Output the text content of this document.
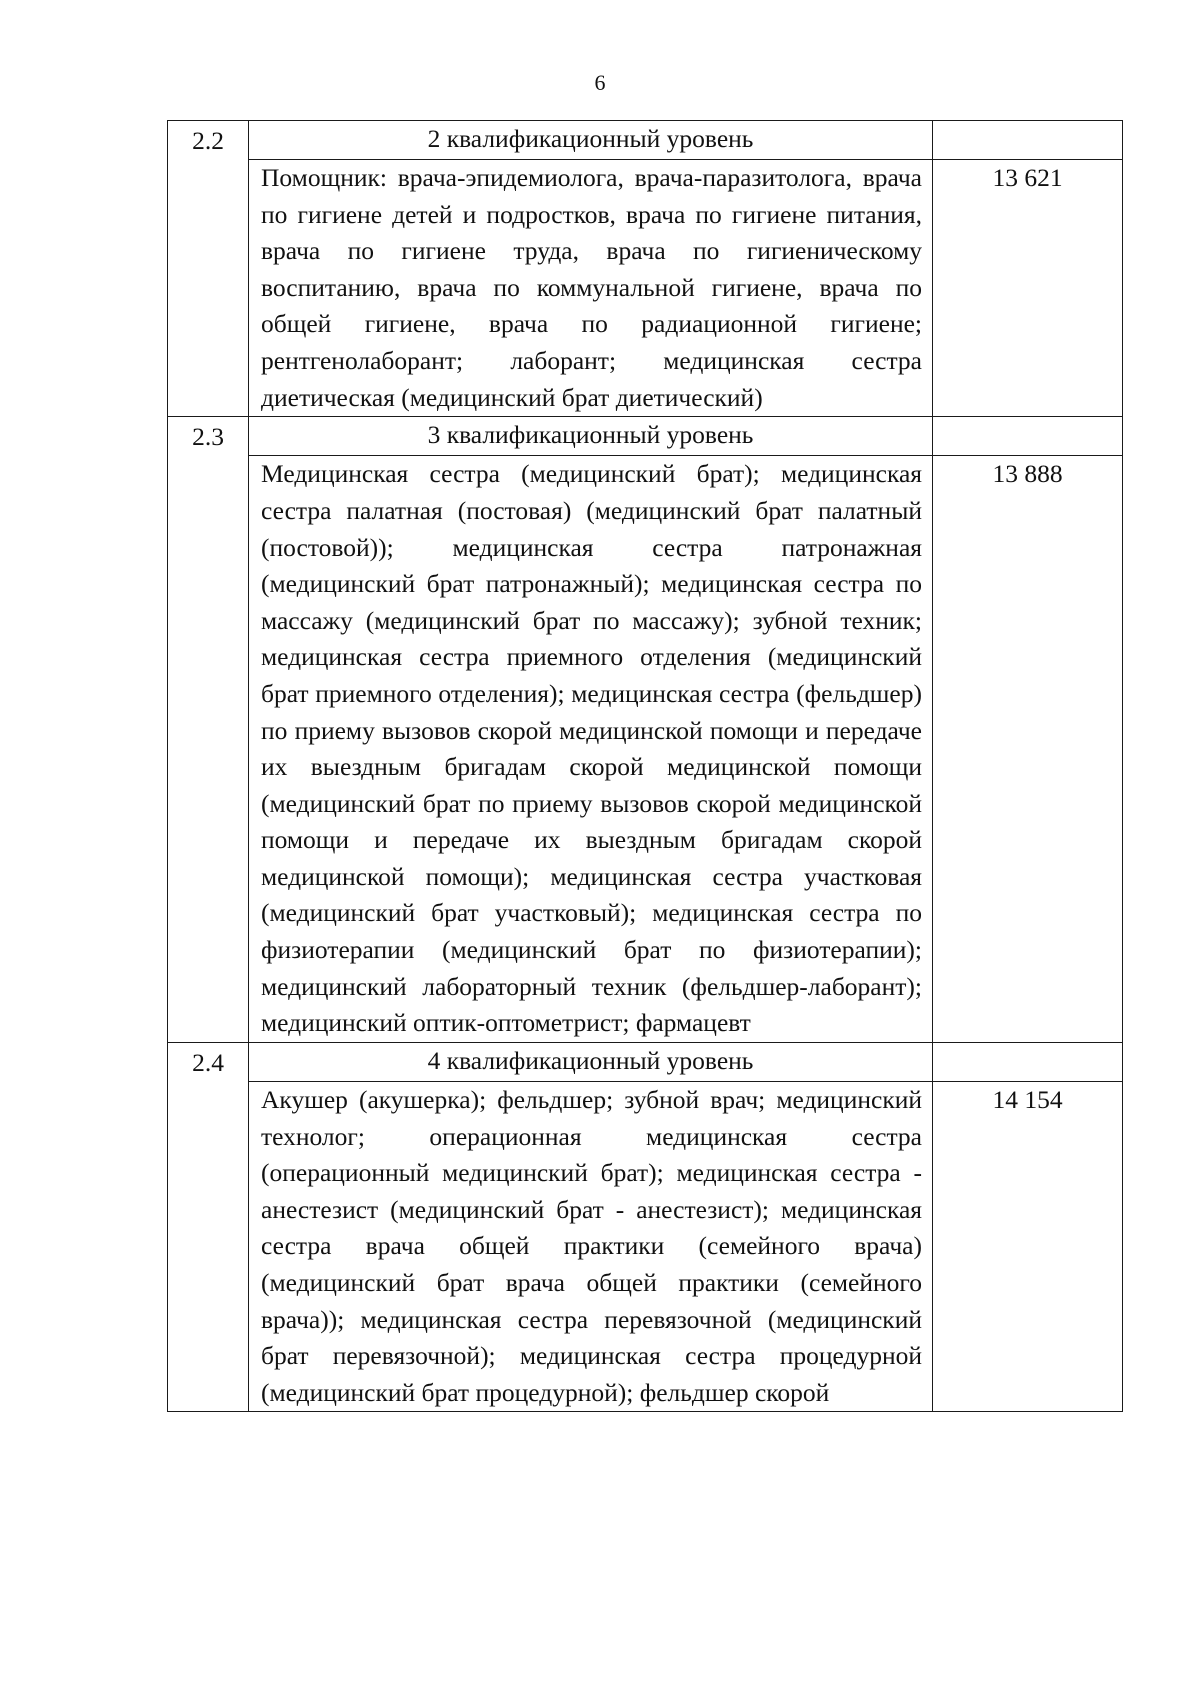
6
2.2	2 квалификационный уровень	

	Помощник: врача-эпидемиолога, врача-паразитолога, врача по гигиене детей и подростков, врача по гигиене питания, врача по гигиене труда, врача по гигиеническому воспитанию, врача по коммунальной гигиене, врача по общей гигиене, врача по радиационной гигиене; рентгенолаборант; лаборант; медицинская сестра диетическая (медицинский брат диетический)	13 621
2.3	3 квалификационный уровень	

	Медицинская сестра (медицинский брат); медицинская сестра палатная (постовая) (медицинский брат палатный (постовой)); медицинская сестра патронажная (медицинский брат патронажный); медицинская сестра по массажу (медицинский брат по массажу); зубной техник; медицинская сестра приемного отделения (медицинский брат приемного отделения); медицинская сестра (фельдшер) по приему вызовов скорой медицинской помощи и передаче их выездным бригадам скорой медицинской помощи (медицинский брат по приему вызовов скорой медицинской помощи и передаче их выездным бригадам скорой медицинской помощи); медицинская сестра участковая (медицинский брат участковый); медицинская сестра по физиотерапии (медицинский брат по физиотерапии); медицинский лабораторный техник (фельдшер-лаборант); медицинский оптик-оптометрист; фармацевт	13 888
2.4	4 квалификационный уровень	

	Акушер (акушерка); фельдшер; зубной врач; медицинский технолог; операционная медицинская сестра (операционный медицинский брат); медицинская сестра - анестезист (медицинский брат - анестезист); медицинская сестра врача общей практики (семейного врача) (медицинский брат врача общей практики (семейного врача)); медицинская сестра перевязочной (медицинский брат перевязочной); медицинская сестра процедурной (медицинский брат процедурной); фельдшер скорой	14 154
